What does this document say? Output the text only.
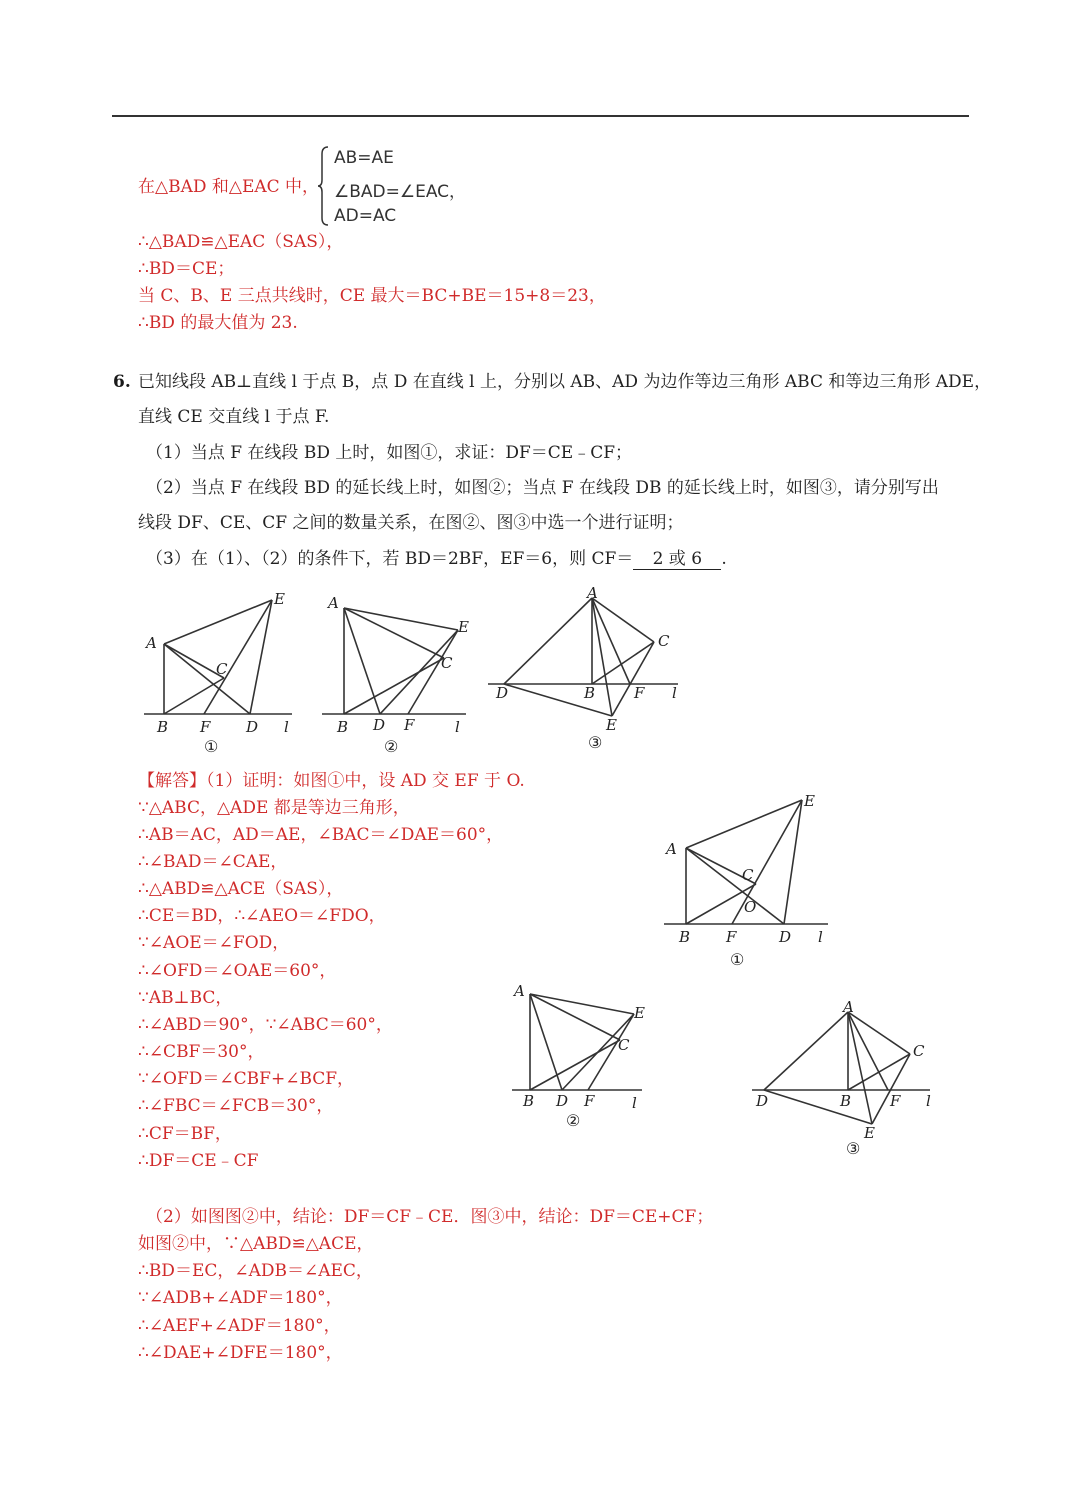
在△BAD 和△EAC 中，
AB=AE
∠BAD=∠EAC，
AD=AC
∴△BAD≌△EAC（SAS），
∴BD＝CE；
当 C、B、E 三点共线时，CE 最大＝BC+BE＝15+8＝23，
∴BD 的最大值为 23.
6. 已知线段 AB⊥直线 l 于点 B，点 D 在直线 l 上，分别以 AB、AD 为边作等边三角形 ABC 和等边三角形 ADE，
直线 CE 交直线 l 于点 F.
（1）当点 F 在线段 BD 上时，如图①，求证：DF＝CE﹣CF；
（2）当点 F 在线段 BD 的延长线上时，如图②；当点 F 在线段 DB 的延长线上时，如图③，请分别写出
线段 DF、CE、CF 之间的数量关系，在图②、图③中选一个进行证明；
（3）在（1）、（2）的条件下，若 BD＝2BF，EF＝6，则 CF＝ 2 或 6 .
A
E
C
B F D l
①
A
E
C
B D F	l
②
A
C
D	B	F
E
l
③
【解答】（1）证明：如图①中，设 AD 交 EF 于 O.
∵△ABC，△ADE 都是等边三角形，
∴AB＝AC，AD＝AE，∠BAC＝∠DAE＝60°，
∴∠BAD＝∠CAE，
∴△ABD≌△ACE（SAS），
∴CE＝BD，∴∠AEO＝∠FDO，
∵∠AOE＝∠FOD，
∴∠OFD＝∠OAE＝60°，
∵AB⊥BC，
∴∠ABD＝90°，∵∠ABC＝60°，
∴∠CBF＝30°，
∵∠OFD＝∠CBF+∠BCF，
∴∠FBC＝∠FCB＝30°，
∴CF＝BF，
∴DF＝CE﹣CF
A
E
C
O
B F	D l
①
A
E
C
B D F	l
②
A
C
D	B	F
E
l
③
（2）如图图②中，结论：DF＝CF﹣CE．图③中，结论：DF＝CE+CF；
如图②中，∵△ABD≌△ACE，
∴BD＝EC，∠ADB＝∠AEC，
∵∠ADB+∠ADF＝180°，
∴∠AEF+∠ADF＝180°，
∴∠DAE+∠DFE＝180°，
